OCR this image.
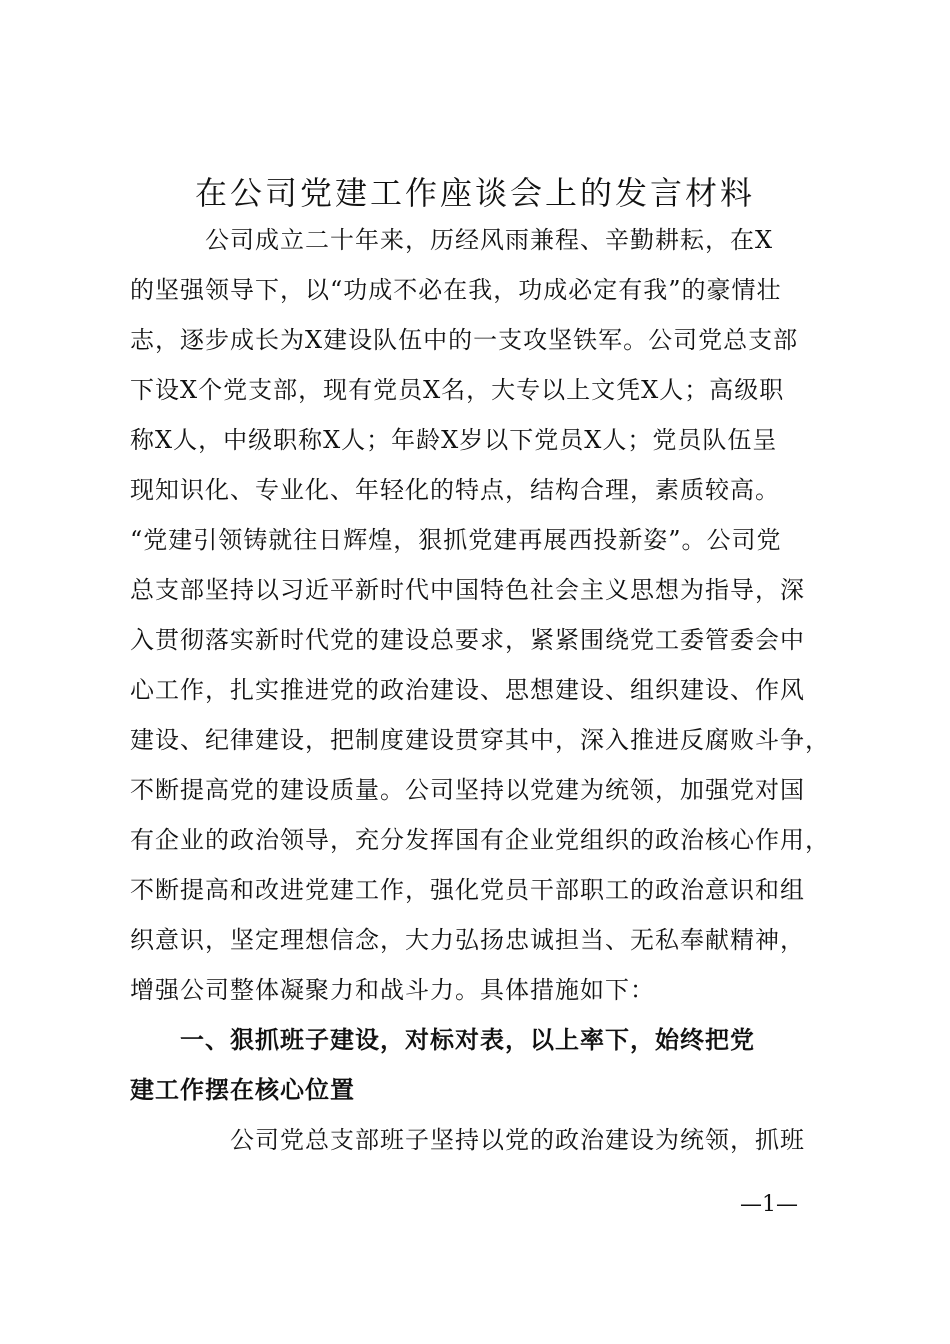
在公司党建工作座谈会上的发言材料
公司成立二十年来，历经风雨兼程、辛勤耕耘，在X
的坚强领导下，以“功成不必在我，功成必定有我”的豪情壮
志，逐步成长为X建设队伍中的一支攻坚铁军。公司党总支部
下设X个党支部，现有党员X名，大专以上文凭X人；高级职
称X人，中级职称X人；年龄X岁以下党员X人；党员队伍呈
现知识化、专业化、年轻化的特点，结构合理，素质较高。
“党建引领铸就往日辉煌，狠抓党建再展西投新姿”。公司党
总支部坚持以习近平新时代中国特色社会主义思想为指导，深
入贯彻落实新时代党的建设总要求，紧紧围绕党工委管委会中
心工作，扎实推进党的政治建设、思想建设、组织建设、作风
建设、纪律建设，把制度建设贯穿其中，深入推进反腐败斗争，
不断提高党的建设质量。公司坚持以党建为统领，加强党对国
有企业的政治领导，充分发挥国有企业党组织的政治核心作用，
不断提高和改进党建工作，强化党员干部职工的政治意识和组
织意识，坚定理想信念，大力弘扬忠诚担当、无私奉献精神，
增强公司整体凝聚力和战斗力。具体措施如下：
一、狠抓班子建设，对标对表，以上率下，始终把党
建工作摆在核心位置
公司党总支部班子坚持以党的政治建设为统领，抓班
—1—
